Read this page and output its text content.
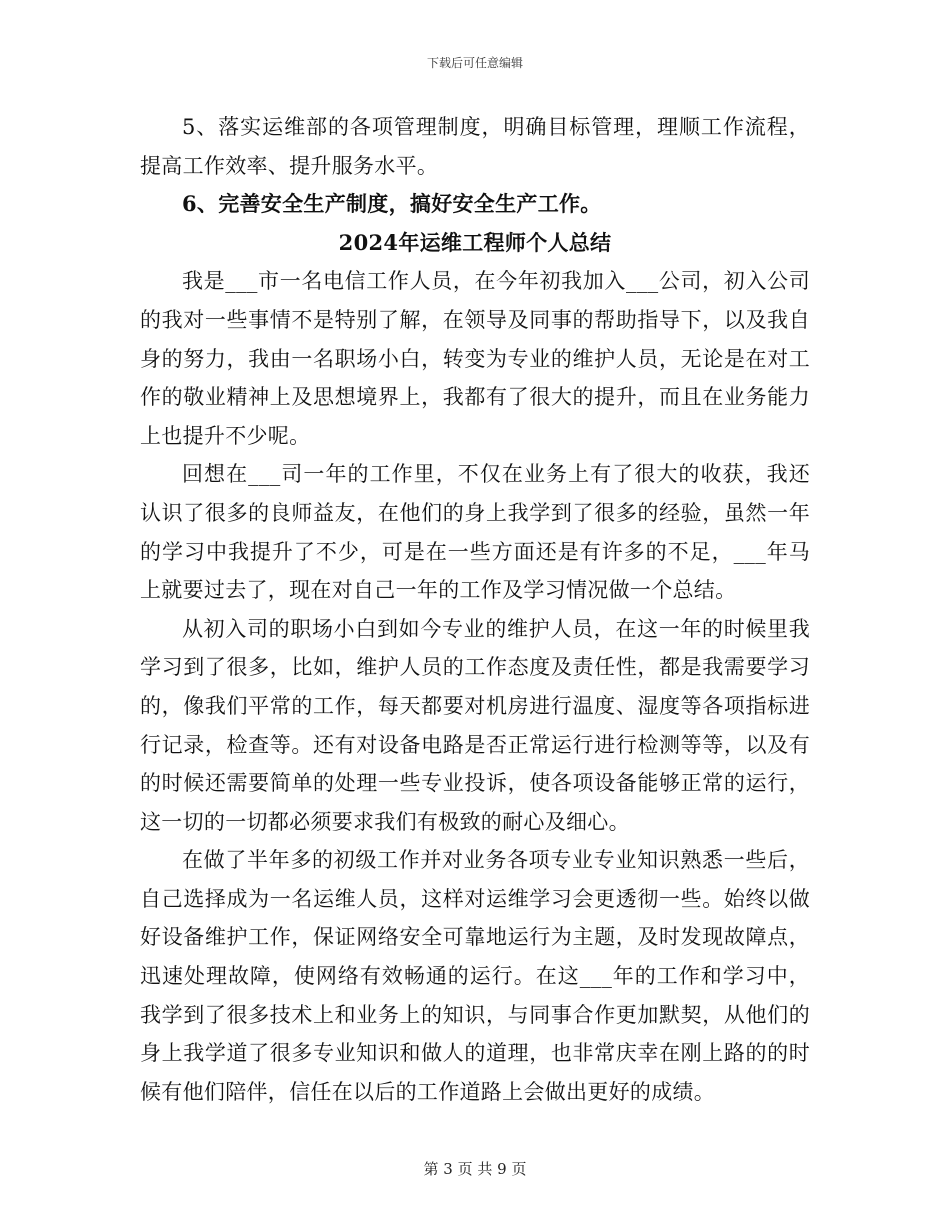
下载后可任意编辑

5、落实运维部的各项管理制度，明确目标管理，理顺工作流程，提高工作效率、提升服务水平。

6、完善安全生产制度，搞好安全生产工作。

2024年运维工程师个人总结

我是___市一名电信工作人员，在今年初我加入___公司，初入公司的我对一些事情不是特别了解，在领导及同事的帮助指导下，以及我自身的努力，我由一名职场小白，转变为专业的维护人员，无论是在对工作的敬业精神上及思想境界上，我都有了很大的提升，而且在业务能力上也提升不少呢。

回想在___司一年的工作里，不仅在业务上有了很大的收获，我还认识了很多的良师益友，在他们的身上我学到了很多的经验，虽然一年的学习中我提升了不少，可是在一些方面还是有许多的不足，___年马上就要过去了，现在对自己一年的工作及学习情况做一个总结。

从初入司的职场小白到如今专业的维护人员，在这一年的时候里我学习到了很多，比如，维护人员的工作态度及责任性，都是我需要学习的，像我们平常的工作，每天都要对机房进行温度、湿度等各项指标进行记录，检查等。还有对设备电路是否正常运行进行检测等等，以及有的时候还需要简单的处理一些专业投诉，使各项设备能够正常的运行，这一切的一切都必须要求我们有极致的耐心及细心。

在做了半年多的初级工作并对业务各项专业专业知识熟悉一些后，自己选择成为一名运维人员，这样对运维学习会更透彻一些。始终以做好设备维护工作，保证网络安全可靠地运行为主题，及时发现故障点，迅速处理故障，使网络有效畅通的运行。在这___年的工作和学习中，我学到了很多技术上和业务上的知识，与同事合作更加默契，从他们的身上我学道了很多专业知识和做人的道理，也非常庆幸在刚上路的的时候有他们陪伴，信任在以后的工作道路上会做出更好的成绩。

第 3 页 共 9 页
